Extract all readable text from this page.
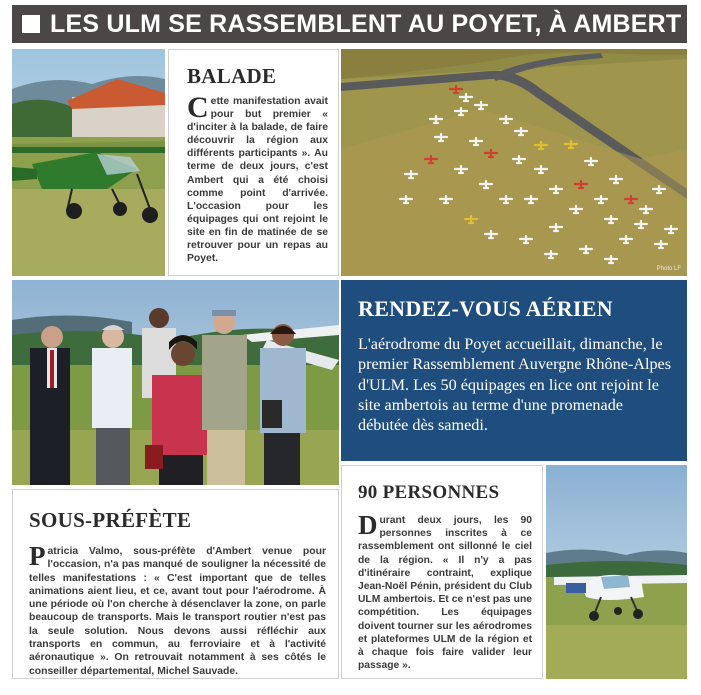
LES ULM SE RASSEMBLENT AU POYET, À AMBERT
BALADE
Cette manifestation avait pour but premier « d'inciter à la balade, de faire découvrir la région aux différents participants ». Au terme de deux jours, c'est Ambert qui a été choisi comme point d'arrivée. L'occasion pour les équipages qui ont rejoint le site en fin de matinée de se retrouver pour un repas au Poyet.
Photo LF
RENDEZ-VOUS AÉRIEN
L'aérodrome du Poyet accueillait, dimanche, le premier Rassemblement Auvergne Rhône-Alpes d'ULM. Les 50 équipages en lice ont rejoint le site ambertois au terme d'une promenade débutée dès samedi.
SOUS-PRÉFÈTE
Patricia Valmo, sous-préfète d'Ambert venue pour l'occasion, n'a pas manqué de souligner la nécessité de telles manifestations : « C'est important que de telles animations aient lieu, et ce, avant tout pour l'aérodrome. À une période où l'on cherche à désenclaver la zone, on parle beaucoup de transports. Mais le transport routier n'est pas la seule solution. Nous devons aussi réfléchir aux transports en commun, au ferroviaire et à l'activité aéronautique ». On retrouvait notamment à ses côtés le conseiller départemental, Michel Sauvade.
90 PERSONNES
Durant deux jours, les 90 personnes inscrites à ce rassemblement ont sillonné le ciel de la région. « Il n'y a pas d'itinéraire contraint, explique Jean-Noël Pénin, président du Club ULM ambertois. Et ce n'est pas une compétition. Les équipages doivent tourner sur les aérodromes et plateformes ULM de la région et à chaque fois faire valider leur passage ».
